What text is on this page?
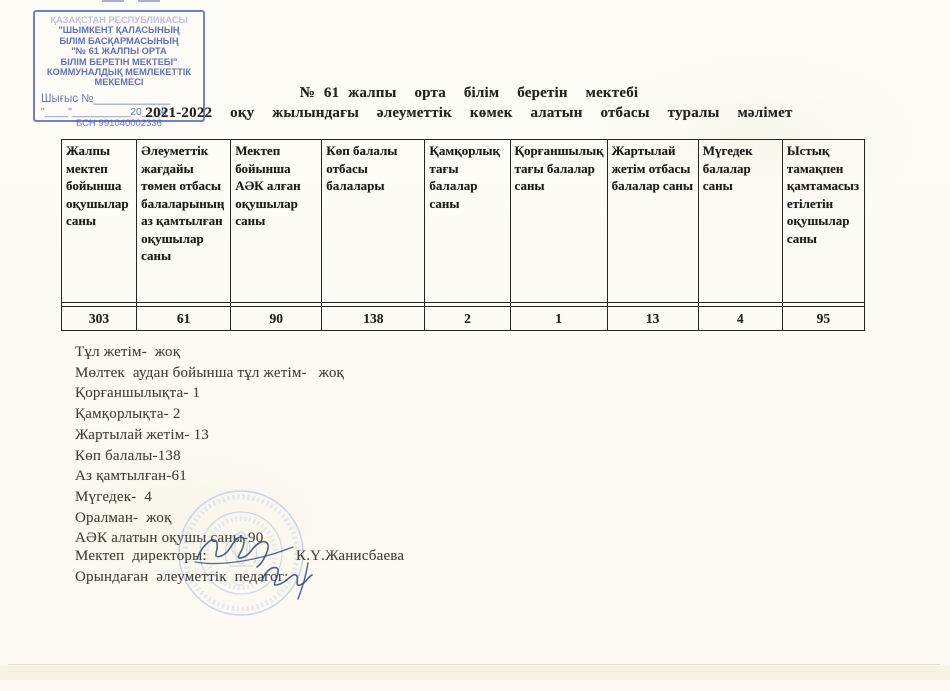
ҚАЗАҚСТАН РЕСПУБЛИКАСЫ
"ШЫМКЕНТ ҚАЛАСЫНЫҢ
БІЛІМ БАСҚАРМАСЫНЫҢ
"№ 61 ЖАЛПЫ ОРТА
БІЛІМ БЕРЕТІН МЕКТЕБІ"
КОММУНАЛДЫҚ МЕМЛЕКЕТТІК
МЕКЕМЕСІ
Шығыс №____________
"____"__________20___ж
БСН 991040002336
№ 61 жалпы  орта  білім  беретін  мектебі
2021-2022  оқу  жылындағы  әлеуметтік  көмек  алатын  отбасы  туралы  мәлімет
Жалпы мектеп бойынша оқушылар саны	Әлеуметтік жағдайы төмен отбасы балаларының аз қамтылған оқушылар саны	Мектеп бойынша АӘК алған оқушылар саны	Көп балалы отбасы балалары	Қамқорлықтағы балалар саны	Қорғаншылықтағы балалар саны	Жартылай жетім отбасы балалар саны	Мүгедек балалар саны	Ыстық тамақпен қамтамасыз етілетін оқушылар саны

303	61	90	138	2	1	13	4	95
Тұл жетім-  жоқ
Мөлтек  аудан бойынша тұл жетім-   жоқ
Қорғаншылықта- 1
Қамқорлықта- 2
Жартылай жетім- 13
Көп балалы-138
Аз қамтылған-61
Мүгедек-  4
Оралман-  жоқ
АӘК алатын оқушы саны-90
Мектеп  директоры:	К.Ү.Жанисбаева
Орындаған  әлеуметтік  педагог:
